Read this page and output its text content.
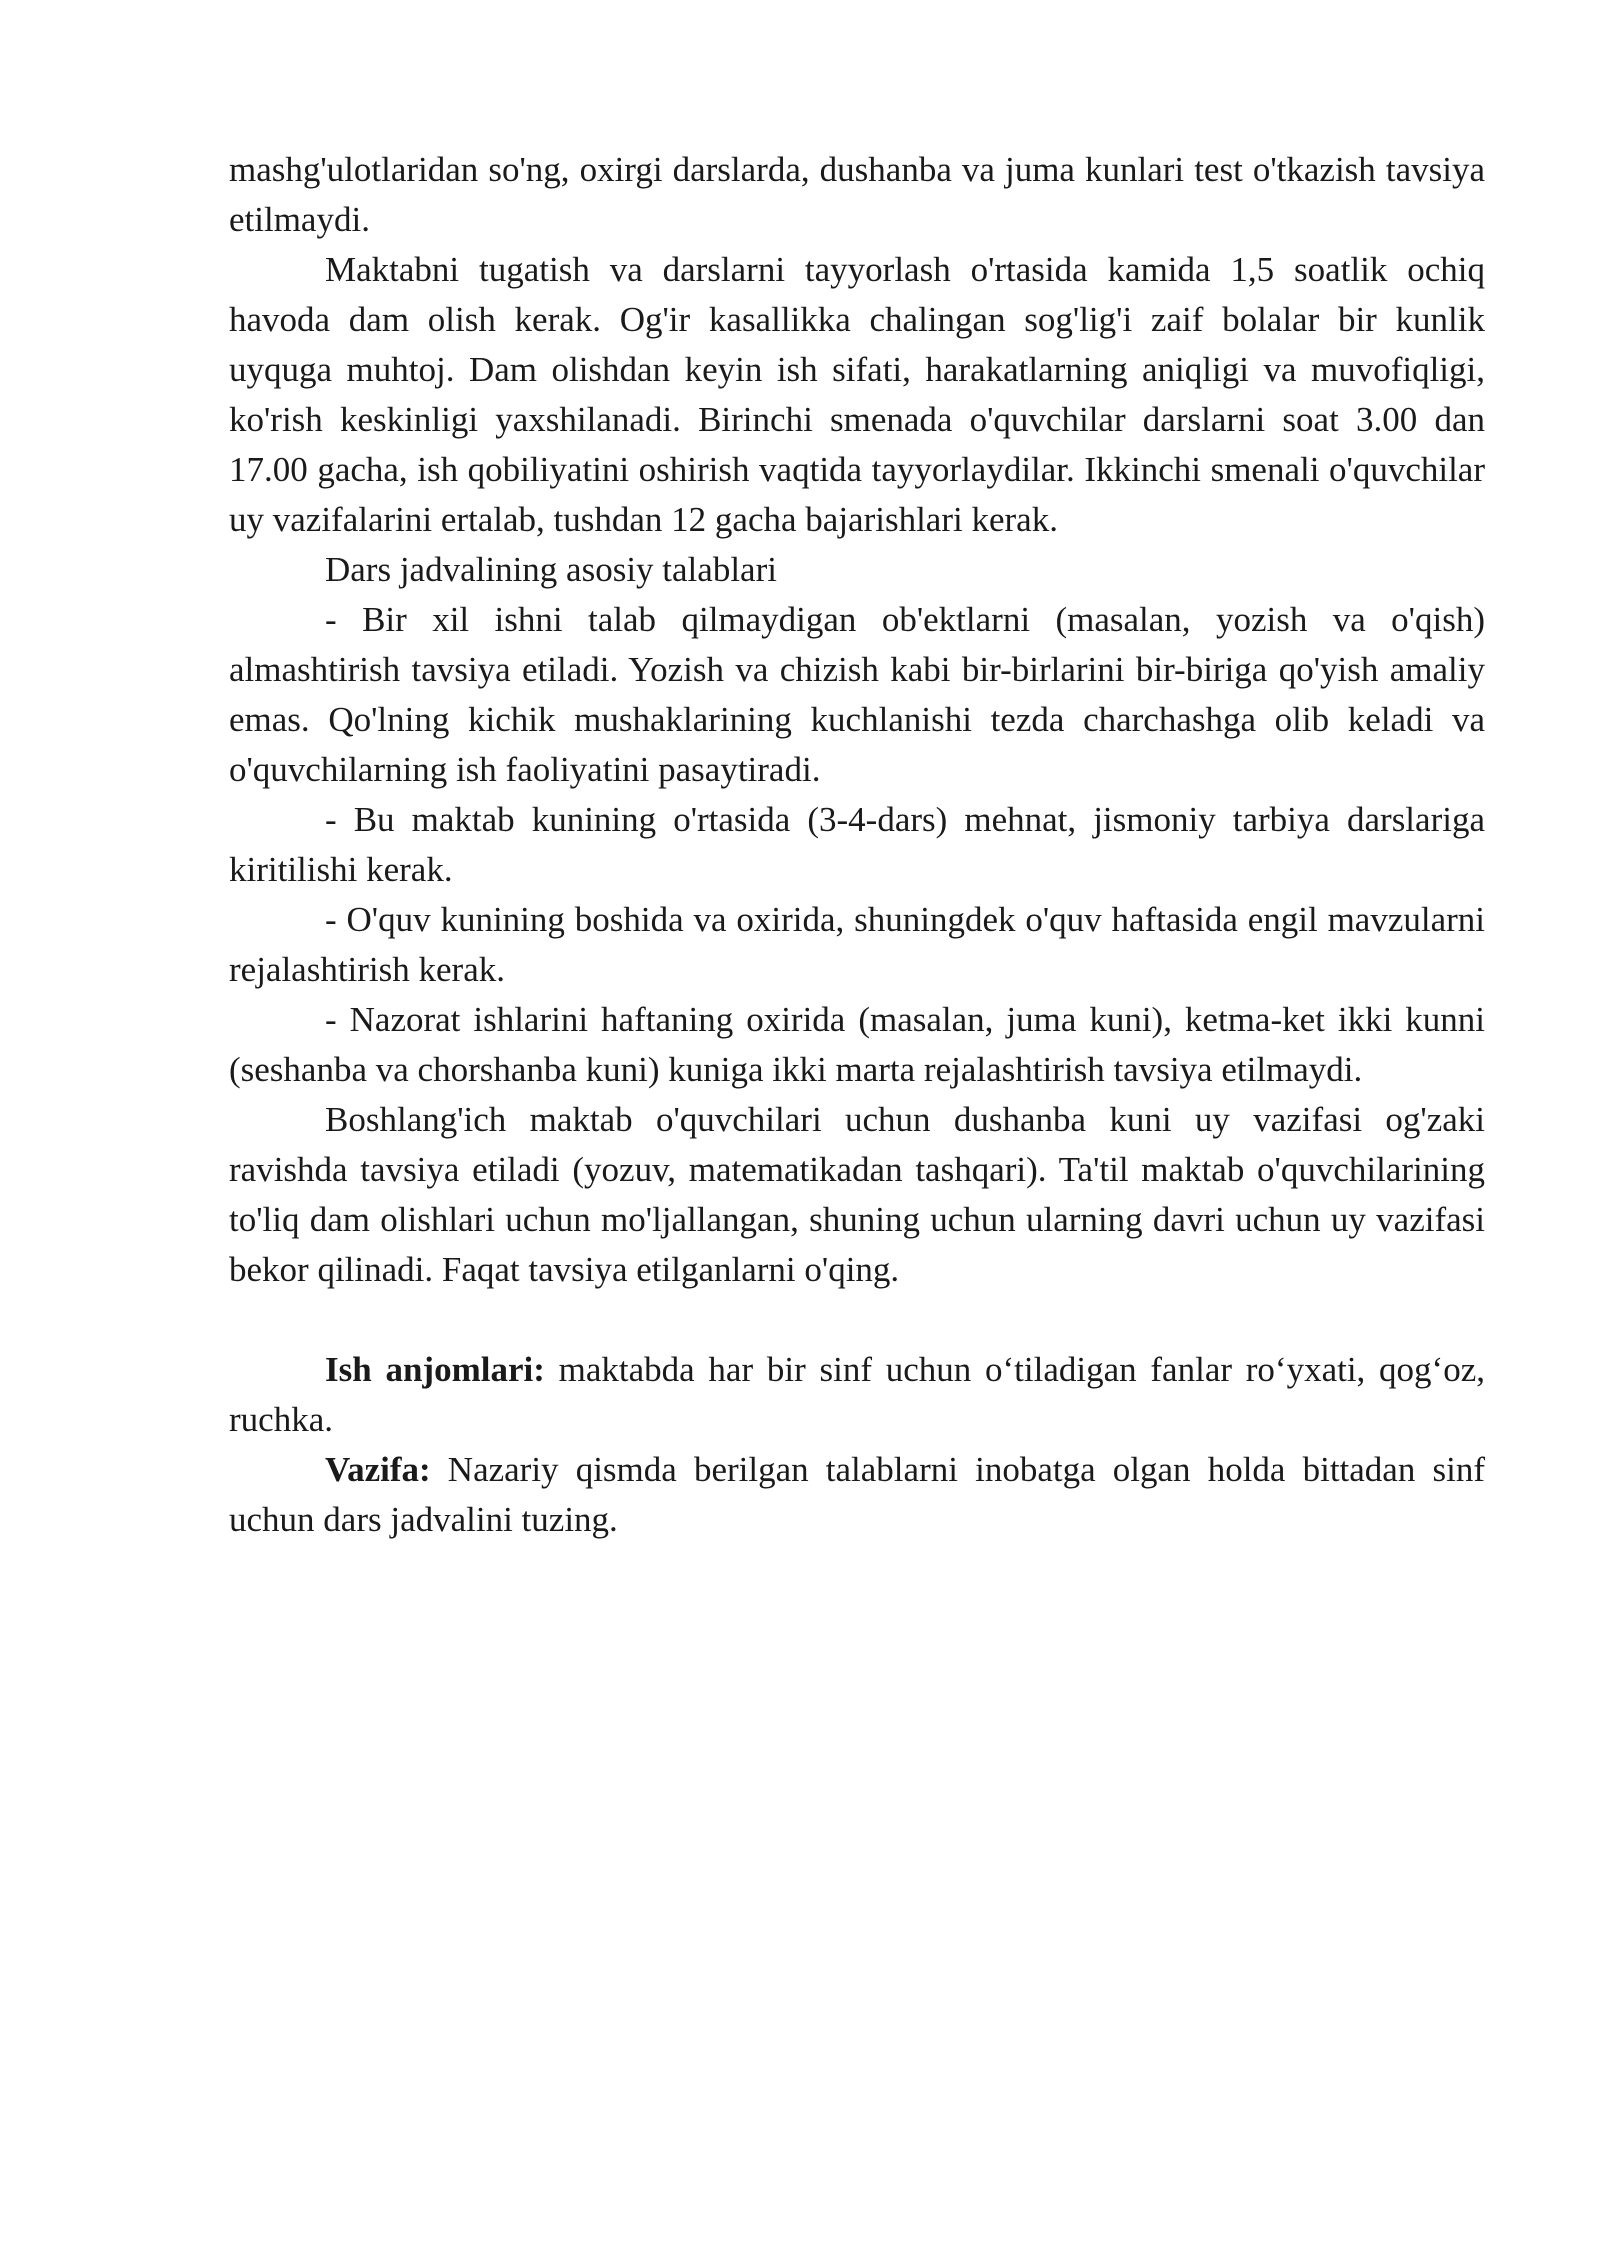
mashg'ulotlaridan so'ng, oxirgi darslarda, dushanba va juma kunlari test o'tkazish tavsiya etilmaydi.

Maktabni tugatish va darslarni tayyorlash o'rtasida kamida 1,5 soatlik ochiq havoda dam olish kerak. Og'ir kasallikka chalingan sog'lig'i zaif bolalar bir kunlik uyquga muhtoj. Dam olishdan keyin ish sifati, harakatlarning aniqligi va muvofiqligi, ko'rish keskinligi yaxshilanadi. Birinchi smenada o'quvchilar darslarni soat 3.00 dan 17.00 gacha, ish qobiliyatini oshirish vaqtida tayyorlaydilar. Ikkinchi smenali o'quvchilar uy vazifalarini ertalab, tushdan 12 gacha bajarishlari kerak.

Dars jadvalining asosiy talablari

- Bir xil ishni talab qilmaydigan ob'ektlarni (masalan, yozish va o'qish) almashtirish tavsiya etiladi. Yozish va chizish kabi bir-birlarini bir-biriga qo'yish amaliy emas. Qo'lning kichik mushaklarining kuchlanishi tezda charchashga olib keladi va o'quvchilarning ish faoliyatini pasaytiradi.

- Bu maktab kunining o'rtasida (3-4-dars) mehnat, jismoniy tarbiya darslariga kiritilishi kerak.

- O'quv kunining boshida va oxirida, shuningdek o'quv haftasida engil mavzularni rejalashtirish kerak.

- Nazorat ishlarini haftaning oxirida (masalan, juma kuni), ketma-ket ikki kunni (seshanba va chorshanba kuni) kuniga ikki marta rejalashtirish tavsiya etilmaydi.

Boshlang'ich maktab o'quvchilari uchun dushanba kuni uy vazifasi og'zaki ravishda tavsiya etiladi (yozuv, matematikadan tashqari). Ta'til maktab o'quvchilarining to'liq dam olishlari uchun mo'ljallangan, shuning uchun ularning davri uchun uy vazifasi bekor qilinadi. Faqat tavsiya etilganlarni o'qing.

Ish anjomlari: maktabda har bir sinf uchun oʻtiladigan fanlar roʻyxati, qogʻoz, ruchka.

Vazifa: Nazariy qismda berilgan talablarni inobatga olgan holda bittadan sinf uchun dars jadvalini tuzing.
